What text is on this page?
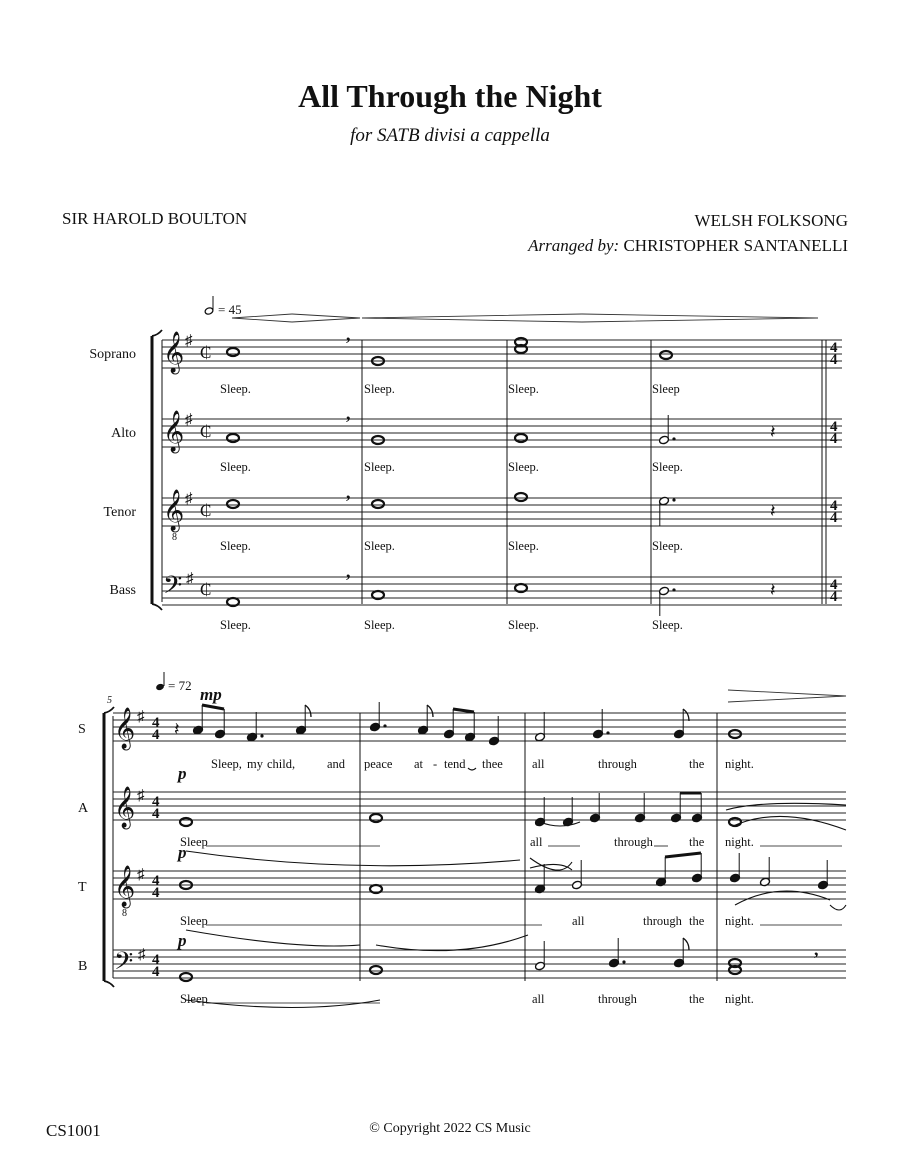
All Through the Night
for SATB divisi a cappella
SIR HAROLD BOULTON	WELSH FOLKSONG
Arranged by: CHRISTOPHER SANTANELLI
= 45
Soprano
Alto
Tenor
Bass
𝄞
𝄞
𝄞
8
𝄢
♯
♯
♯
♯
₵
₵
₵
₵
4
4
4
4
4
4
4
4
,
,
,
,
𝄽
𝄽
𝄽
Sleep.	Sleep.	Sleep.	Sleep
Sleep.	Sleep.	Sleep.	Sleep.
Sleep.	Sleep.	Sleep.	Sleep.
Sleep.	Sleep.	Sleep.	Sleep.
5
= 72
S
A
T
B
𝄞
𝄞
𝄞
8
𝄢
♯
♯
♯
♯
4
4
4
4
4
4
4
4
mp
p
p
p	,
𝄽
Sleep, my child,	and peace at - tend thee all	through	the night.
Sleep	all	through	the night.
Sleep	all	through the night.
Sleep	all	through	the night.
CS1001	© Copyright 2022 CS Music
